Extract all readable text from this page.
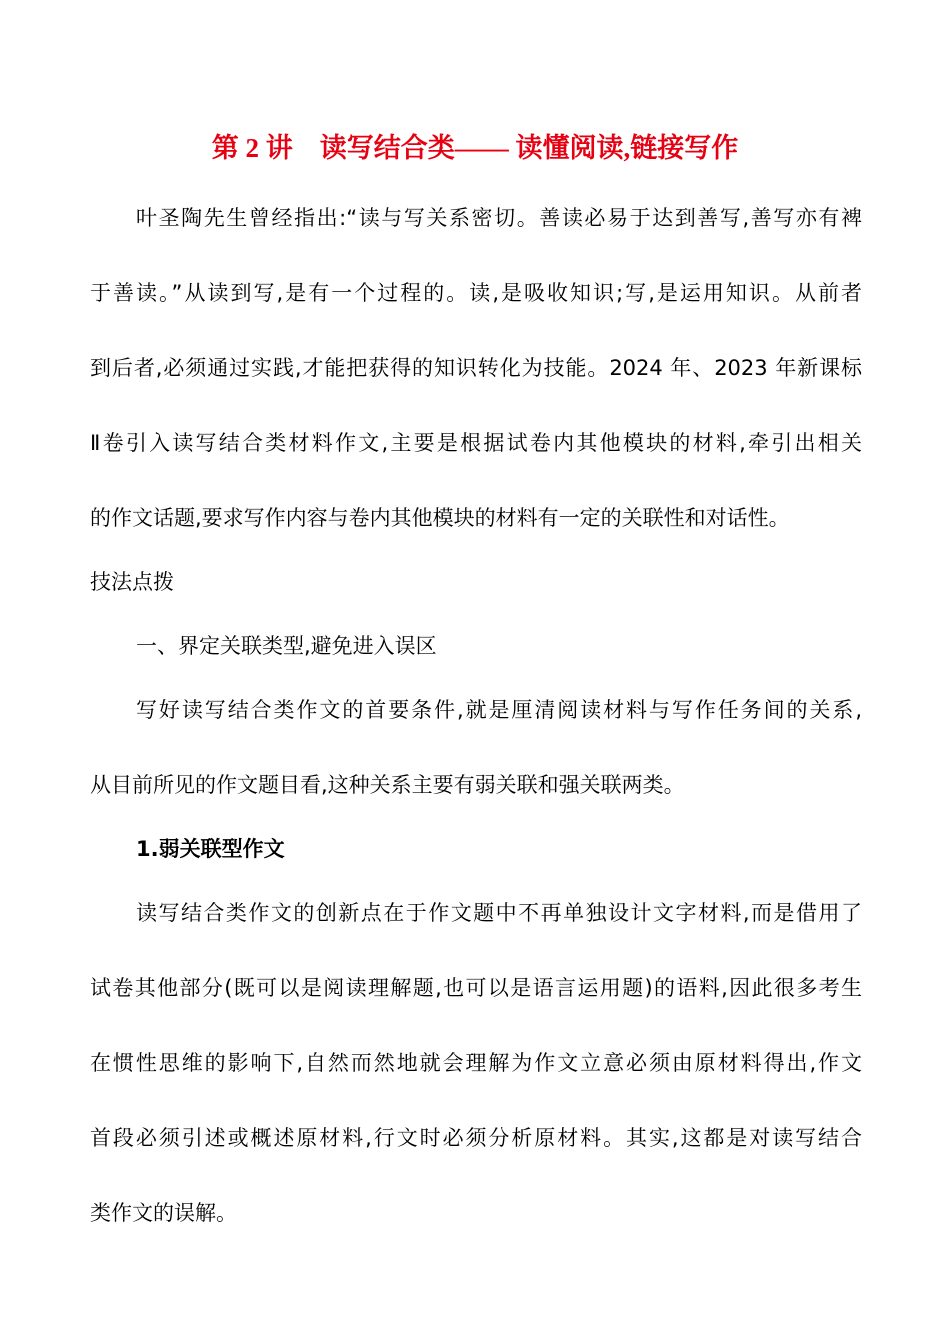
第 2 讲　读写结合类—— 读懂阅读,链接写作
叶圣陶先生曾经指出:“读与写关系密切。善读必易于达到善写,善写亦有裨
于善读。”从读到写,是有一个过程的。读,是吸收知识;写,是运用知识。从前者
到后者,必须通过实践,才能把获得的知识转化为技能。2024 年、2023 年新课标
Ⅱ卷引入读写结合类材料作文,主要是根据试卷内其他模块的材料,牵引出相关
的作文话题,要求写作内容与卷内其他模块的材料有一定的关联性和对话性。
技法点拨
一、界定关联类型,避免进入误区
写好读写结合类作文的首要条件,就是厘清阅读材料与写作任务间的关系,
从目前所见的作文题目看,这种关系主要有弱关联和强关联两类。
1.弱关联型作文
读写结合类作文的创新点在于作文题中不再单独设计文字材料,而是借用了
试卷其他部分(既可以是阅读理解题,也可以是语言运用题)的语料,因此很多考生
在惯性思维的影响下,自然而然地就会理解为作文立意必须由原材料得出,作文
首段必须引述或概述原材料,行文时必须分析原材料。其实,这都是对读写结合
类作文的误解。
